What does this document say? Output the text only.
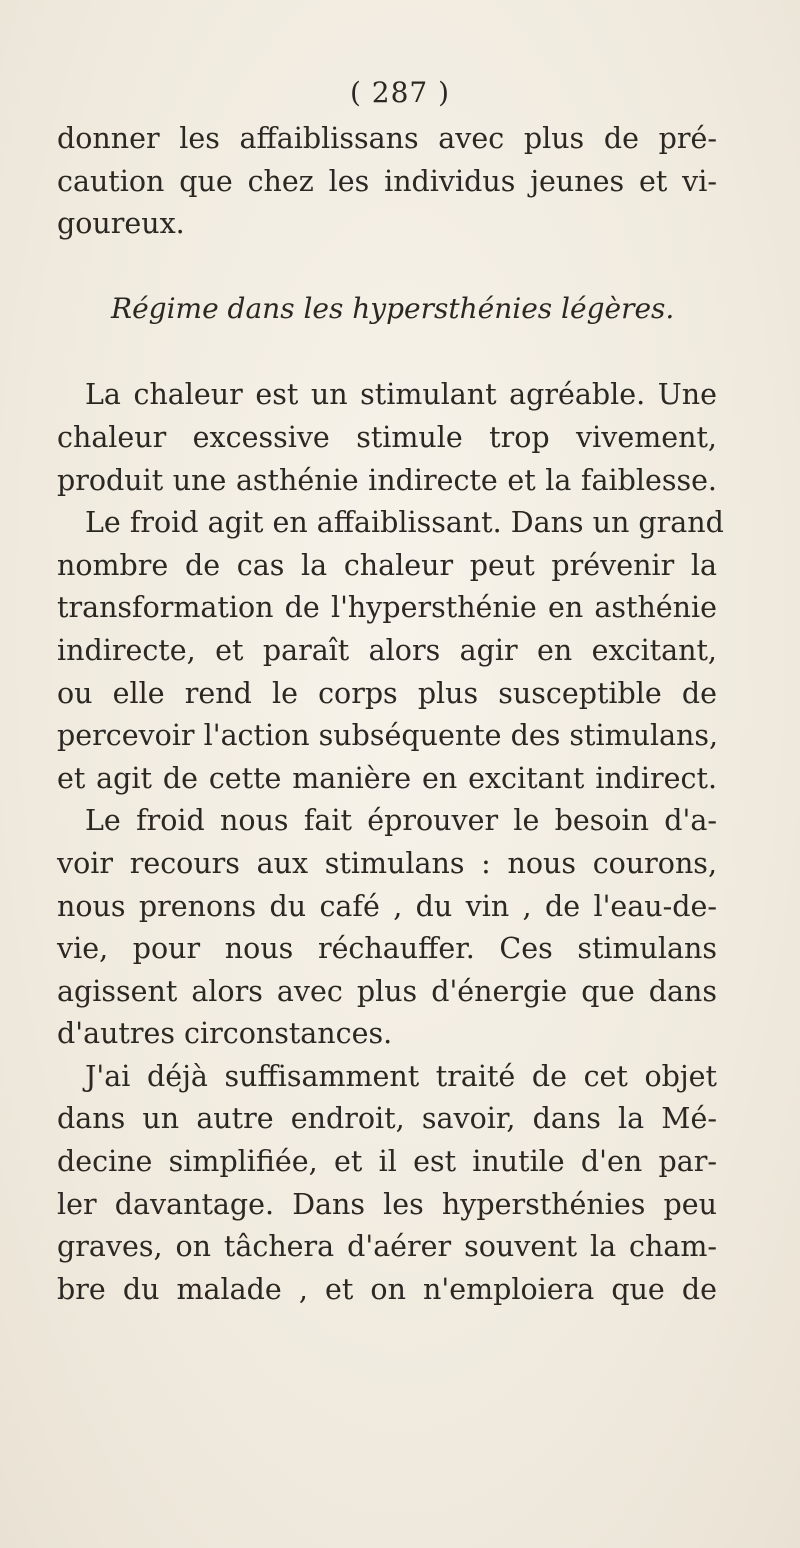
( 287 )
donner les affaiblissans avec plus de pré-
caution que chez les individus jeunes et vi-
goureux.
Régime dans les hypersthénies légères.
La chaleur est un stimulant agréable. Une
chaleur excessive stimule trop vivement,
produit une asthénie indirecte et la faiblesse.
Le froid agit en affaiblissant. Dans un grand
nombre de cas la chaleur peut prévenir la
transformation de l'hypersthénie en asthénie
indirecte, et paraît alors agir en excitant,
ou elle rend le corps plus susceptible de
percevoir l'action subséquente des stimulans,
et agit de cette manière en excitant indirect.
Le froid nous fait éprouver le besoin d'a-
voir recours aux stimulans : nous courons,
nous prenons du café , du vin , de l'eau-de-
vie, pour nous réchauffer. Ces stimulans
agissent alors avec plus d'énergie que dans
d'autres circonstances.
J'ai déjà suffisamment traité de cet objet
dans un autre endroit, savoir, dans la Mé-
decine simplifiée, et il est inutile d'en par-
ler davantage. Dans les hypersthénies peu
graves, on tâchera d'aérer souvent la cham-
bre du malade , et on n'emploiera que de
